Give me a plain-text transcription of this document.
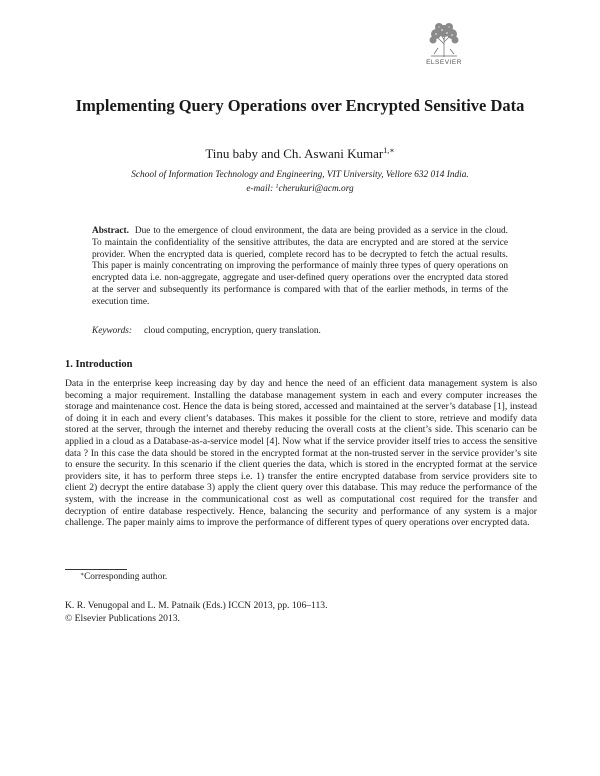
ELSEVIER
Implementing Query Operations over Encrypted Sensitive Data
Tinu baby and Ch. Aswani Kumar$^{1,∗}$
School of Information Technology and Engineering, VIT University, Vellore 632 014 India.
e-mail: $^1$cherukuri@acm.org
Abstract. Due to the emergence of cloud environment, the data are being provided as a service in the cloud. To maintain the confidentiality of the sensitive attributes, the data are encrypted and are stored at the service provider. When the encrypted data is queried, complete record has to be decrypted to fetch the actual results. This paper is mainly concentrating on improving the performance of mainly three types of query operations on encrypted data i.e. non-aggregate, aggregate and user-defined query operations over the encrypted data stored at the server and subsequently its performance is compared with that of the earlier methods, in terms of the execution time.
Keywords: cloud computing, encryption, query translation.
1. Introduction
Data in the enterprise keep increasing day by day and hence the need of an efficient data management system is also becoming a major requirement. Installing the database management system in each and every computer increases the storage and maintenance cost. Hence the data is being stored, accessed and maintained at the server’s database [1], instead of doing it in each and every client’s databases. This makes it possible for the client to store, retrieve and modify data stored at the server, through the internet and thereby reducing the overall costs at the client’s side. This scenario can be applied in a cloud as a Database-as-a-service model [4]. Now what if the service provider itself tries to access the sensitive data ? In this case the data should be stored in the encrypted format at the non-trusted server in the service provider’s site to ensure the security. In this scenario if the client queries the data, which is stored in the encrypted format at the service providers site, it has to perform three steps i.e. 1) transfer the entire encrypted database from service providers site to client 2) decrypt the entire database 3) apply the client query over this database. This may reduce the performance of the system, with the increase in the communicational cost as well as computational cost required for the transfer and decryption of entire database respectively. Hence, balancing the security and performance of any system is a major challenge. The paper mainly aims to improve the performance of different types of query operations over encrypted data.
∗Corresponding author.
K. R. Venugopal and L. M. Patnaik (Eds.) ICCN 2013, pp. 106–113.
© Elsevier Publications 2013.
